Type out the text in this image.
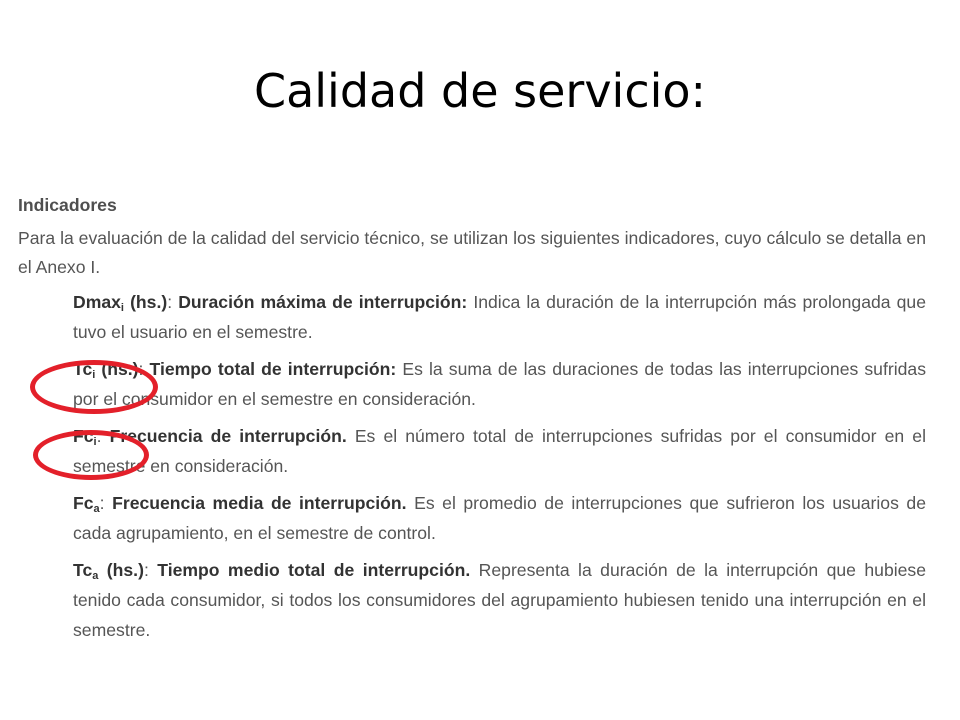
Calidad de servicio:
Indicadores
Para la evaluación de la calidad del servicio técnico, se utilizan los siguientes indicadores, cuyo cálculo se detalla en el Anexo I.
Dmax$_i$ (hs.): Duración máxima de interrupción: Indica la duración de la interrupción más prolongada que tuvo el usuario en el semestre.
$Tc_i$ (hs.): Tiempo total de interrupción: Es la suma de las duraciones de todas las interrupciones sufridas por el consumidor en el semestre en consideración.
$Fc_i$: Frecuencia de interrupción. Es el número total de interrupciones sufridas por el consumidor en el semestre en consideración.
$Fc_a$: Frecuencia media de interrupción. Es el promedio de interrupciones que sufrieron los usuarios de cada agrupamiento, en el semestre de control.
$Tc_a$ (hs.): Tiempo medio total de interrupción. Representa la duración de la interrupción que hubiese tenido cada consumidor, si todos los consumidores del agrupamiento hubiesen tenido una interrupción en el semestre.
